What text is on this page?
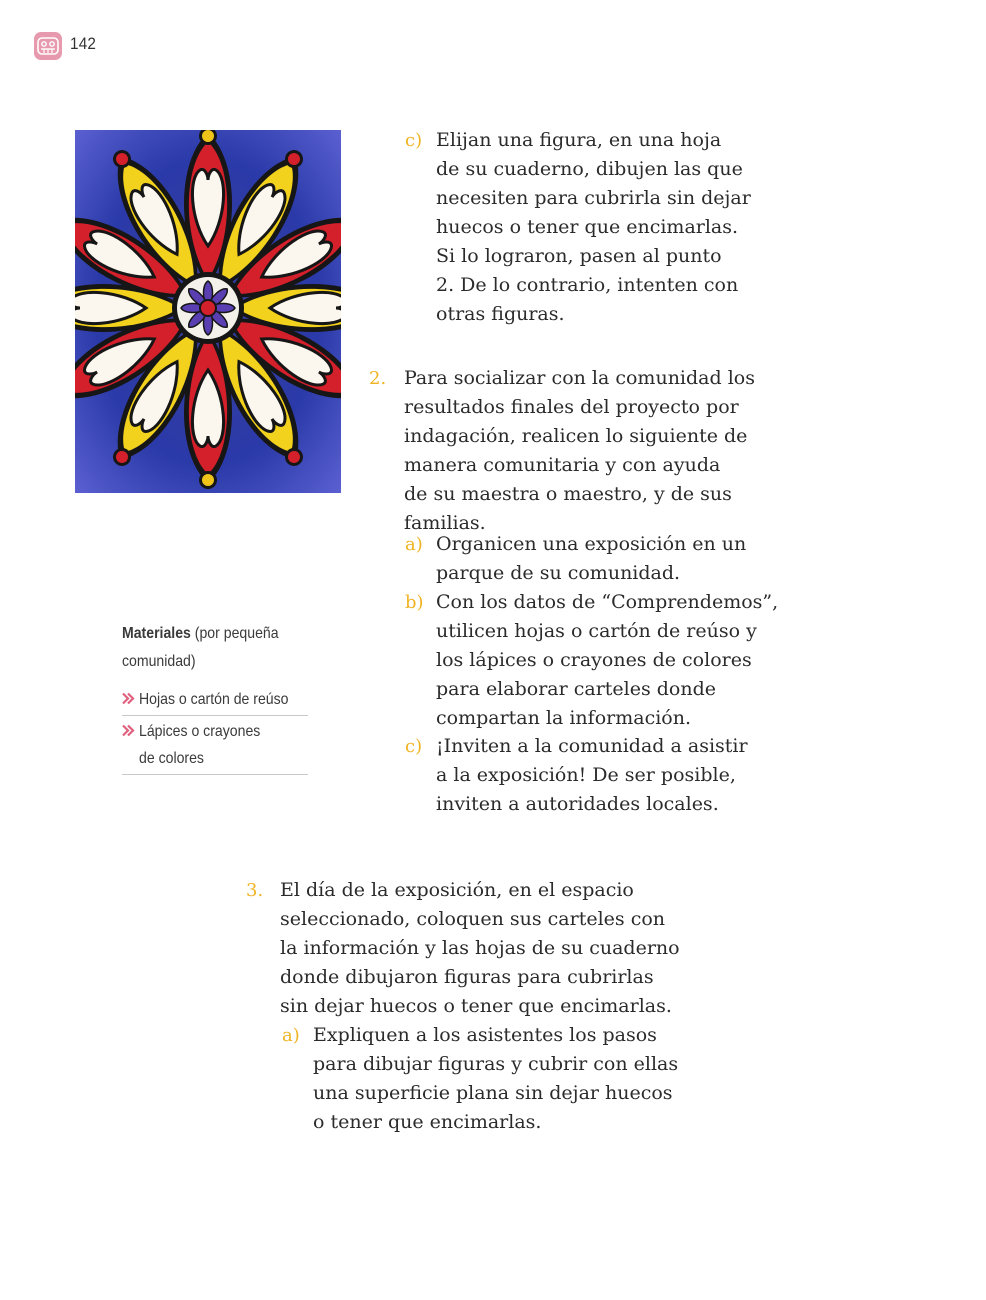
142
c) Elijan una figura, en una hoja
de su cuaderno, dibujen las que
necesiten para cubrirla sin dejar
huecos o tener que encimarlas.
Si lo lograron, pasen al punto
2. De lo contrario, intenten con
otras figuras.
2. Para socializar con la comunidad los
resultados finales del proyecto por
indagación, realicen lo siguiente de
manera comunitaria y con ayuda
de su maestra o maestro, y de sus
familias.
a) Organicen una exposición en un
parque de su comunidad.
b) Con los datos de “Comprendemos”,
utilicen hojas o cartón de reúso y
los lápices o crayones de colores
para elaborar carteles donde
compartan la información.
c) ¡Inviten a la comunidad a asistir
a la exposición! De ser posible,
inviten a autoridades locales.
Materiales (por pequeña
comunidad)
Hojas o cartón de reúso
Lápices o crayones
de colores
3. El día de la exposición, en el espacio
seleccionado, coloquen sus carteles con
la información y las hojas de su cuaderno
donde dibujaron figuras para cubrirlas
sin dejar huecos o tener que encimarlas.
a) Expliquen a los asistentes los pasos
para dibujar figuras y cubrir con ellas
una superficie plana sin dejar huecos
o tener que encimarlas.
